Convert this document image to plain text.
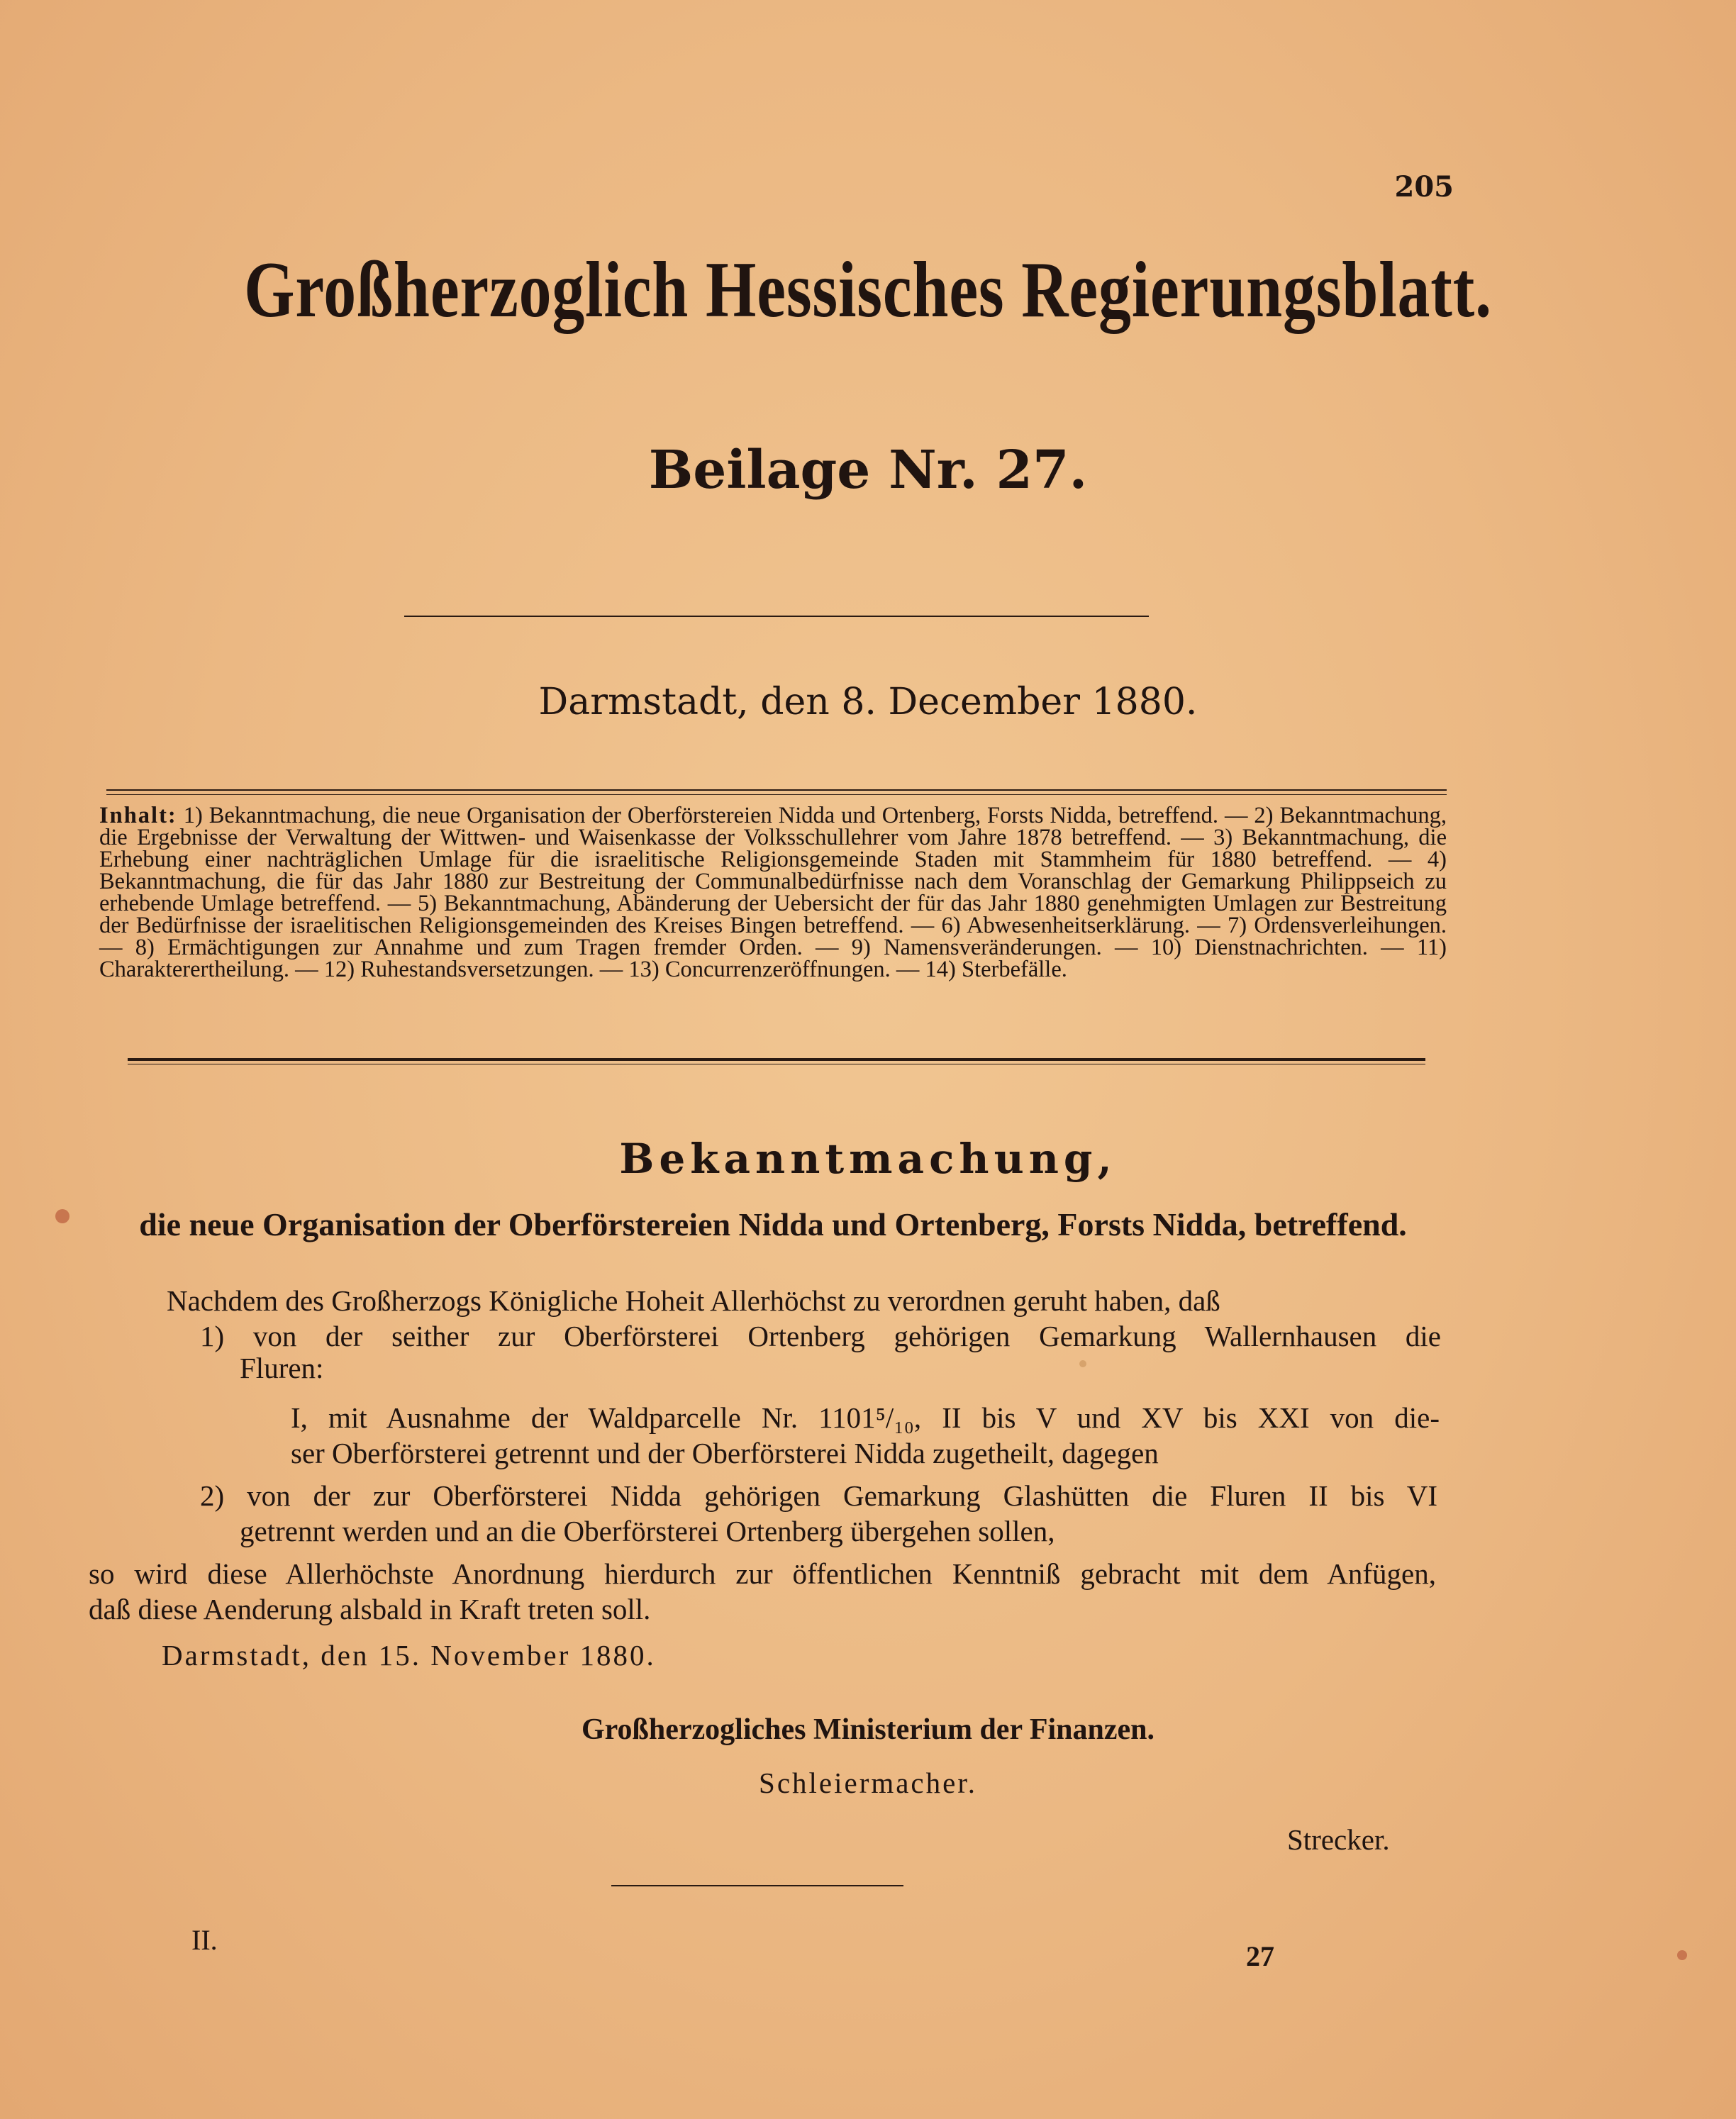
205
Großherzoglich Hessisches Regierungsblatt.
Beilage Nr. 27.
Darmstadt, den 8. December 1880.
Inhalt: 1) Bekanntmachung, die neue Organisation der Oberförstereien Nidda und Ortenberg, Forsts Nidda, betreffend. — 2) Bekanntmachung, die Ergebnisse der Verwaltung der Wittwen- und Waisenkasse der Volksschullehrer vom Jahre 1878 betreffend. — 3) Bekanntmachung, die Erhebung einer nachträglichen Umlage für die israelitische Religionsgemeinde Staden mit Stammheim für 1880 betreffend. — 4) Bekanntmachung, die für das Jahr 1880 zur Bestreitung der Communalbedürfnisse nach dem Voranschlag der Gemarkung Philippseich zu erhebende Umlage betreffend. — 5) Bekanntmachung, Abänderung der Uebersicht der für das Jahr 1880 genehmigten Umlagen zur Bestreitung der Bedürfnisse der israelitischen Religionsgemeinden des Kreises Bingen betreffend. — 6) Abwesenheitserklärung. — 7) Ordensverleihungen. — 8) Ermächtigungen zur Annahme und zum Tragen fremder Orden. — 9) Namensveränderungen. — 10) Dienstnachrichten. — 11) Charakterertheilung. — 12) Ruhestandsversetzungen. — 13) Concurrenzeröffnungen. — 14) Sterbefälle.
Bekanntmachung,
die neue Organisation der Oberförstereien Nidda und Ortenberg, Forsts Nidda, betreffend.
Nachdem des Großherzogs Königliche Hoheit Allerhöchst zu verordnen geruht haben, daß
1) von der seither zur Oberförsterei Ortenberg gehörigen Gemarkung Wallernhausen die
Fluren:
I, mit Ausnahme der Waldparcelle Nr. 1101⁵/₁₀, II bis V und XV bis XXI von die-
ser Oberförsterei getrennt und der Oberförsterei Nidda zugetheilt, dagegen
2) von der zur Oberförsterei Nidda gehörigen Gemarkung Glashütten die Fluren II bis VI
getrennt werden und an die Oberförsterei Ortenberg übergehen sollen,
so wird diese Allerhöchste Anordnung hierdurch zur öffentlichen Kenntniß gebracht mit dem Anfügen,
daß diese Aenderung alsbald in Kraft treten soll.
Darmstadt, den 15. November 1880.
Großherzogliches Ministerium der Finanzen.
Schleiermacher.
Strecker.
II.
27
